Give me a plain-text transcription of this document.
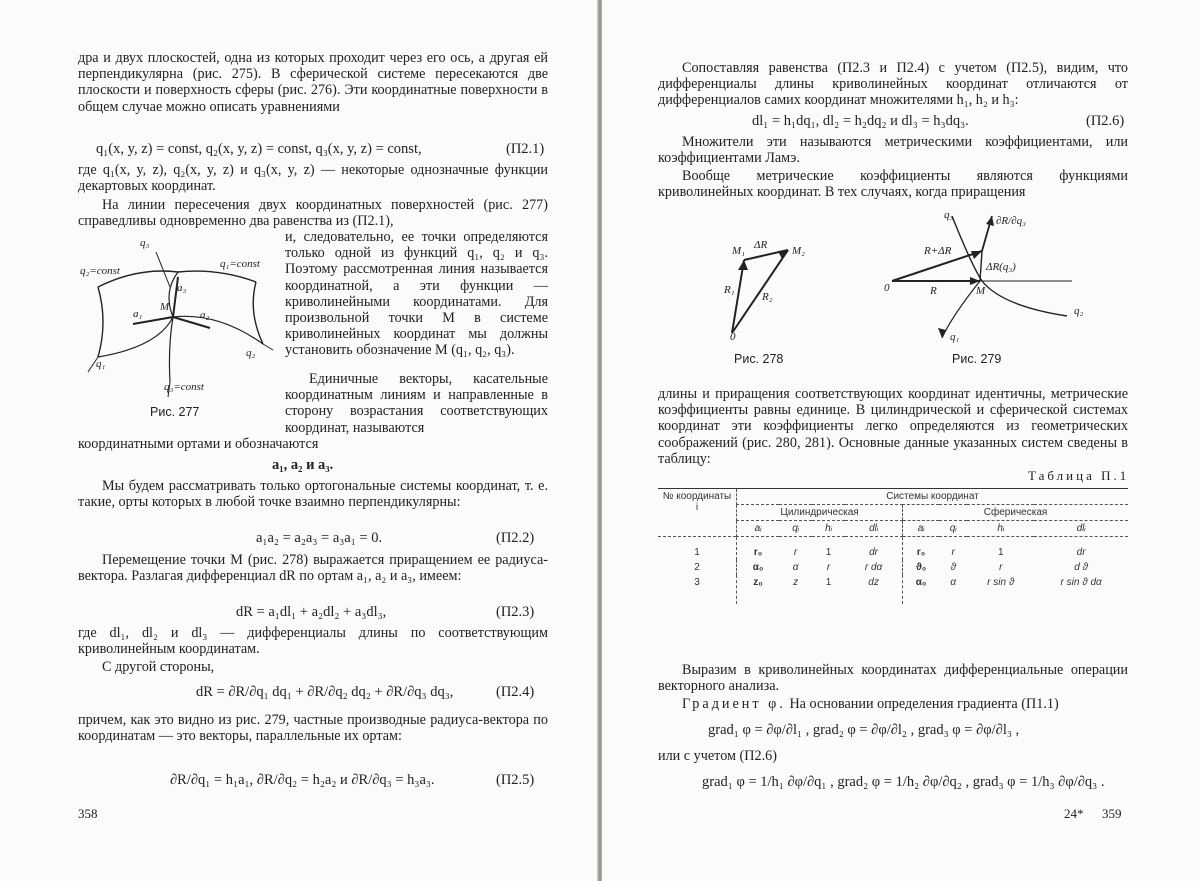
дра и двух плоскостей, одна из которых проходит через его ось, а другая ей перпендикулярна (рис. 275). В сферической системе пересекаются две плоскости и поверхность сферы (рис. 276). Эти координатные поверхности в общем случае можно описать уравнениями
q₁(x, y, z) = const, q₂(x, y, z) = const, q₃(x, y, z) = const,	(П2.1)
где q₁(x, y, z), q₂(x, y, z) и q₃(x, y, z) — некоторые однозначные функции декартовых координат.
На линии пересечения двух координатных поверхностей (рис. 277) справедливы одновременно два равенства из (П2.1),
и, следовательно, ее точки определяются только одной из функций q₁, q₂ и q₃. Поэтому рассмотренная линия называется координатной, а эти функции — криволинейными координатами. Для произвольной точки M в системе криволинейных координат мы должны установить обозначение M (q₁, q₂, q₃).
q₃
q₂=const
q₁=const
a₃
a₁	a₂
M
q₁
q₂
q₃=const
Рис. 277
Единичные векторы, касательные координатным линиям и направленные в сторону возрастания соответствующих координат, называются
координатными ортами и обозначаются
a₁, a₂ и a₃.
Мы будем рассматривать только ортогональные системы координат, т. е. такие, орты которых в любой точке взаимно перпендикулярны:
a₁a₂ = a₂a₃ = a₃a₁ = 0.	(П2.2)
Перемещение точки M (рис. 278) выражается приращением ее радиуса-вектора. Разлагая дифференциал dR по ортам a₁, a₂ и a₃, имеем:
dR = a₁dl₁ + a₂dl₂ + a₃dl₃,	(П2.3)
где dl₁, dl₂ и dl₃ — дифференциалы длины по соответствующим криволинейным координатам.
С другой стороны,
dR = ∂R/∂q₁ dq₁ + ∂R/∂q₂ dq₂ + ∂R/∂q₃ dq₃,	(П2.4)
причем, как это видно из рис. 279, частные производные радиуса-вектора по координатам — это векторы, параллельные их ортам:
∂R/∂q₁ = h₁a₁, ∂R/∂q₂ = h₂a₂ и ∂R/∂q₃ = h₃a₃.	(П2.5)
358
Сопоставляя равенства (П2.3 и П2.4) с учетом (П2.5), видим, что дифференциалы длины криволинейных координат отличаются от дифференциалов самих координат множителями h₁, h₂ и h₃:
dl₁ = h₁dq₁, dl₂ = h₂dq₂ и dl₃ = h₃dq₃.	(П2.6)
Множители эти называются метрическими коэффициентами, или коэффициентами Ламэ.
Вообще метрические коэффициенты являются функциями криволинейных координат. В тех случаях, когда приращения
M₁ ΔR M₂
R₁
R₂
0
Рис. 278
q₃	∂R/∂q₃
R+ΔR
ΔR(q₃)
0	R	M
q₂
q₁
Рис. 279
длины и приращения соответствующих координат идентичны, метрические коэффициенты равны единице. В цилиндрической и сферической системах координат эти коэффициенты легко определяются из геометрических соображений (рис. 280, 281). Основные данные указанных систем сведены в таблицу:
Таблица П.1
№ координаты i	Системы координат							
	Цилиндрическая				Сферическая			
	aᵢ	qᵢ	hᵢ	dlᵢ	aᵢ	qᵢ	hᵢ	dlᵢ
1	r₀	r	1	dr	r₀	r	1	dr
2	α₀	α	r	r dα	ϑ₀	ϑ	r	d ϑ
3	z₀	z	1	dz	α₀	α	r sin ϑ	r sin ϑ dα
Выразим в криволинейных координатах дифференциальные операции векторного анализа.
Градиент φ. На основании определения градиента (П1.1)
grad₁ φ = ∂φ/∂l₁ , grad₂ φ = ∂φ/∂l₂ , grad₃ φ = ∂φ/∂l₃ ,
или с учетом (П2.6)
grad₁ φ = 1/h₁ ∂φ/∂q₁ , grad₂ φ = 1/h₂ ∂φ/∂q₂ , grad₃ φ = 1/h₃ ∂φ/∂q₃ .
24* 359
